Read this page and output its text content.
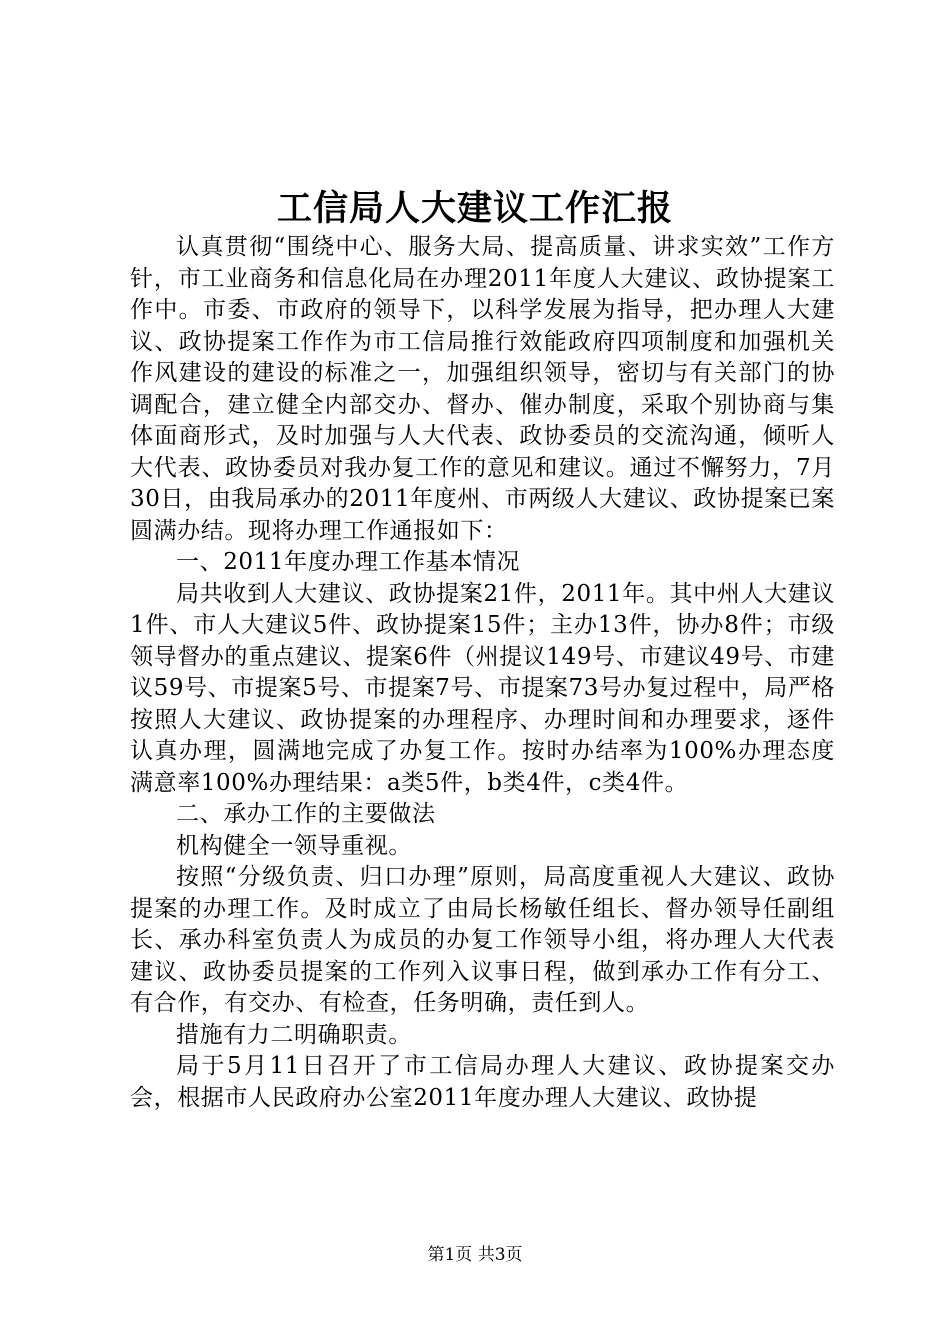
工信局人大建议工作汇报

认真贯彻“围绕中心、服务大局、提高质量、讲求实效”工作方针，市工业商务和信息化局在办理2011年度人大建议、政协提案工作中。市委、市政府的领导下，以科学发展为指导，把办理人大建议、政协提案工作作为市工信局推行效能政府四项制度和加强机关作风建设的建设的标准之一，加强组织领导，密切与有关部门的协调配合，建立健全内部交办、督办、催办制度，采取个别协商与集体面商形式，及时加强与人大代表、政协委员的交流沟通，倾听人大代表、政协委员对我办复工作的意见和建议。通过不懈努力，7月30日，由我局承办的2011年度州、市两级人大建议、政协提案已案圆满办结。现将办理工作通报如下：

一、2011年度办理工作基本情况

局共收到人大建议、政协提案21件，2011年。其中州人大建议1件、市人大建议5件、政协提案15件；主办13件，协办8件；市级领导督办的重点建议、提案6件（州提议149号、市建议49号、市建议59号、市提案5号、市提案7号、市提案73号办复过程中，局严格按照人大建议、政协提案的办理程序、办理时间和办理要求，逐件认真办理，圆满地完成了办复工作。按时办结率为100%办理态度满意率100%办理结果：a类5件，b类4件，c类4件。

二、承办工作的主要做法

机构健全一领导重视。

按照“分级负责、归口办理”原则，局高度重视人大建议、政协提案的办理工作。及时成立了由局长杨敏任组长、督办领导任副组长、承办科室负责人为成员的办复工作领导小组，将办理人大代表建议、政协委员提案的工作列入议事日程，做到承办工作有分工、有合作，有交办、有检查，任务明确，责任到人。

措施有力二明确职责。

局于5月11日召开了市工信局办理人大建议、政协提案交办会，根据市人民政府办公室2011年度办理人大建议、政协提

第1页 共3页
